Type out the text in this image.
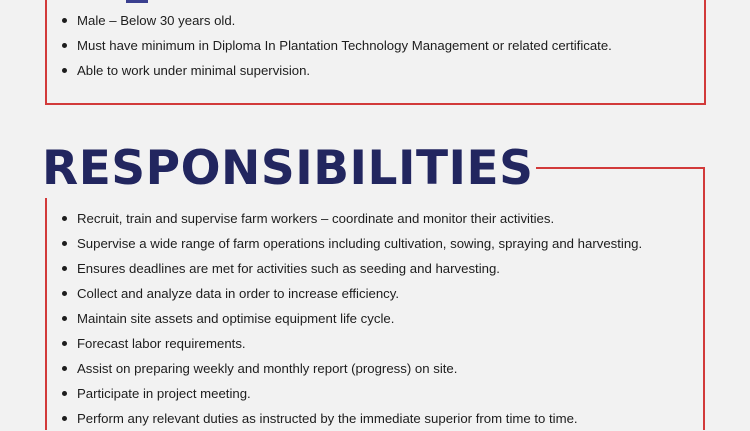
Male – Below 30 years old.
Must have minimum in Diploma In Plantation Technology Management or related certificate.
Able to work under minimal supervision.
RESPONSIBILITIES
Recruit, train and supervise farm workers – coordinate and monitor their activities.
Supervise a wide range of farm operations including cultivation, sowing, spraying and harvesting.
Ensures deadlines are met for activities such as seeding and harvesting.
Collect and analyze data in order to increase efficiency.
Maintain site assets and optimise equipment life cycle.
Forecast labor requirements.
Assist on preparing weekly and monthly report (progress) on site.
Participate in project meeting.
Perform any relevant duties as instructed by the immediate superior from time to time.
